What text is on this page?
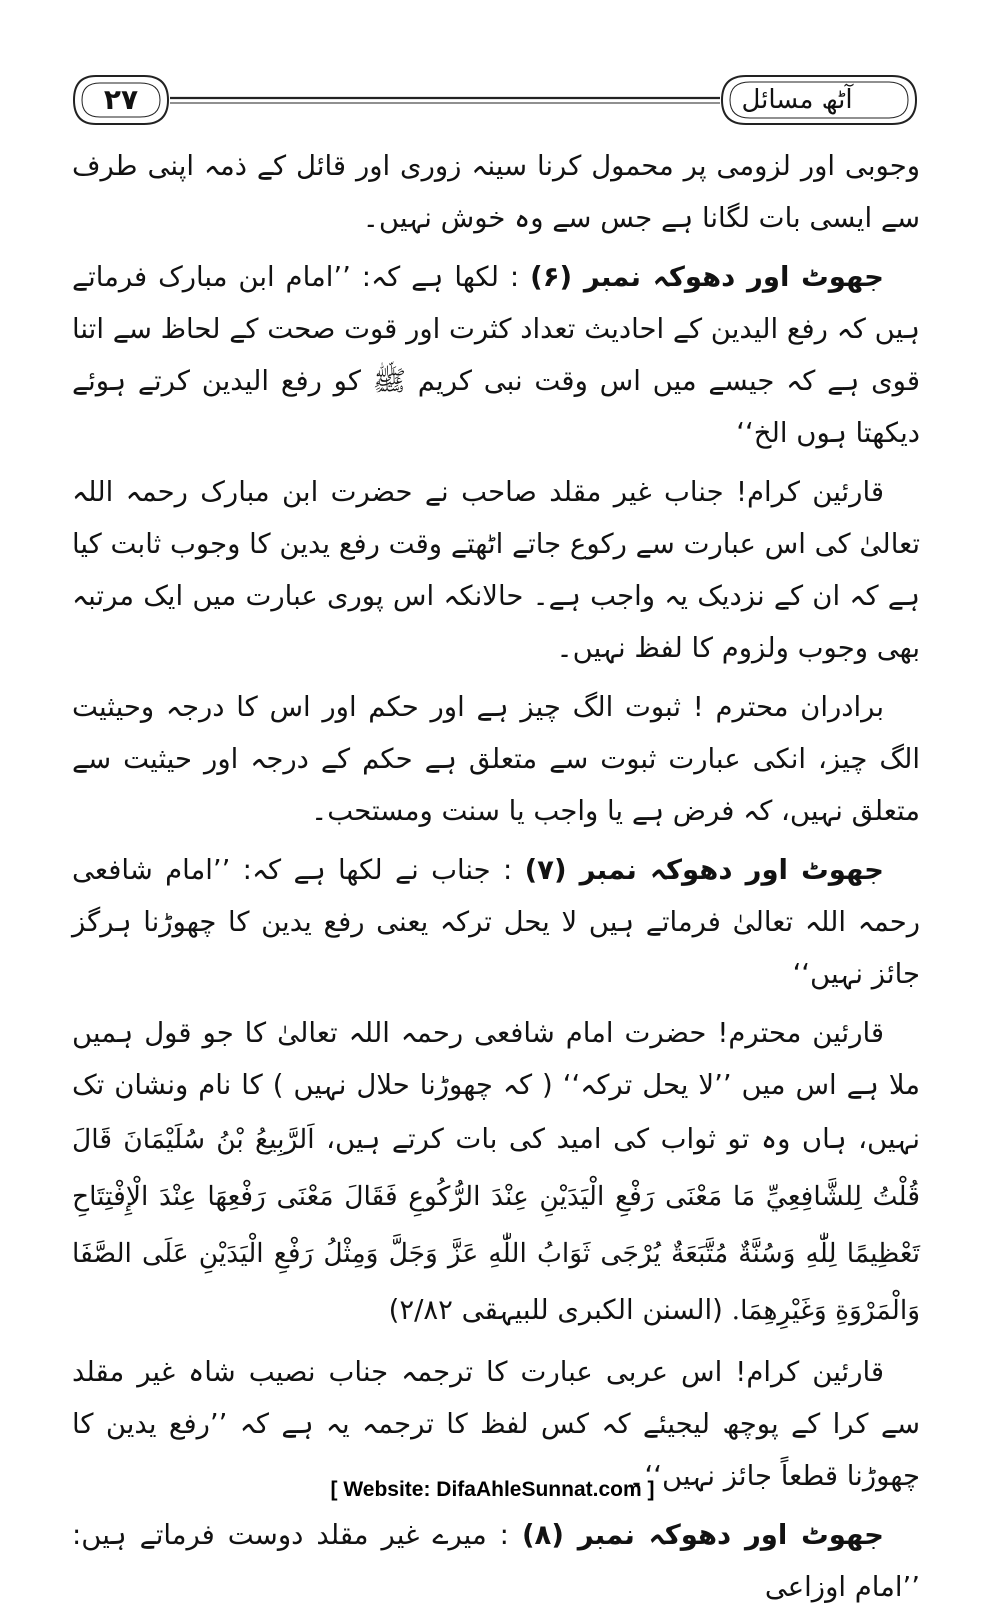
آٹھ مسائل
۲۷

وجوبی اور لزومی پر محمول کرنا سینہ زوری اور قائل کے ذمہ اپنی طرف سے ایسی بات لگانا ہے جس سے وہ خوش نہیں۔

جھوٹ اور دھوکہ نمبر (۶) : لکھا ہے کہ: ’’امام ابن مبارک فرماتے ہیں کہ رفع الیدین کے احادیث تعداد کثرت اور قوت صحت کے لحاظ سے اتنا قوی ہے کہ جیسے میں اس وقت نبی کریم ﷺ کو رفع الیدین کرتے ہوئے دیکھتا ہوں الخ‘‘

قارئین کرام! جناب غیر مقلد صاحب نے حضرت ابن مبارک رحمہ اللہ تعالیٰ کی اس عبارت سے رکوع جاتے اٹھتے وقت رفع یدین کا وجوب ثابت کیا ہے کہ ان کے نزدیک یہ واجب ہے۔ حالانکہ اس پوری عبارت میں ایک مرتبہ بھی وجوب ولزوم کا لفظ نہیں۔

برادران محترم ! ثبوت الگ چیز ہے اور حکم اور اس کا درجہ وحیثیت الگ چیز، انکی عبارت ثبوت سے متعلق ہے حکم کے درجہ اور حیثیت سے متعلق نہیں، کہ فرض ہے یا واجب یا سنت ومستحب۔

جھوٹ اور دھوکہ نمبر (۷) : جناب نے لکھا ہے کہ: ’’امام شافعی رحمہ اللہ تعالیٰ فرماتے ہیں لا یحل ترکہ یعنی رفع یدین کا چھوڑنا ہرگز جائز نہیں‘‘

قارئین محترم! حضرت امام شافعی رحمہ اللہ تعالیٰ کا جو قول ہمیں ملا ہے اس میں ’’لا یحل ترکہ‘‘ ( کہ چھوڑنا حلال نہیں ) کا نام ونشان تک نہیں، ہاں وہ تو ثواب کی امید کی بات کرتے ہیں، اَلرَّبِيعُ بْنُ سُلَيْمَانَ قَالَ قُلْتُ لِلشَّافِعِيِّ مَا مَعْنَى رَفْعِ الْيَدَيْنِ عِنْدَ الرُّكُوعِ فَقَالَ مَعْنَى رَفْعِهَا عِنْدَ الْإِفْتِتَاحِ تَعْظِيمًا لِلّٰهِ وَسُنَّةٌ مُتَّبَعَةٌ يُرْجَى ثَوَابُ اللّٰهِ عَزَّ وَجَلَّ وَمِثْلُ رَفْعِ الْيَدَيْنِ عَلَى الصَّفَا وَالْمَرْوَةِ وَغَيْرِهِمَا. (السنن الکبری للبیہقی ۲/۸۲)

قارئین کرام! اس عربی عبارت کا ترجمہ جناب نصیب شاہ غیر مقلد سے کرا کے پوچھ لیجیئے کہ کس لفظ کا ترجمہ یہ ہے کہ ’’رفع یدین کا چھوڑنا قطعاً جائز نہیں‘‘۔

جھوٹ اور دھوکہ نمبر (۸) : میرے غیر مقلد دوست فرماتے ہیں: ’’امام اوزاعی

[ Website: DifaAhleSunnat.com ]
